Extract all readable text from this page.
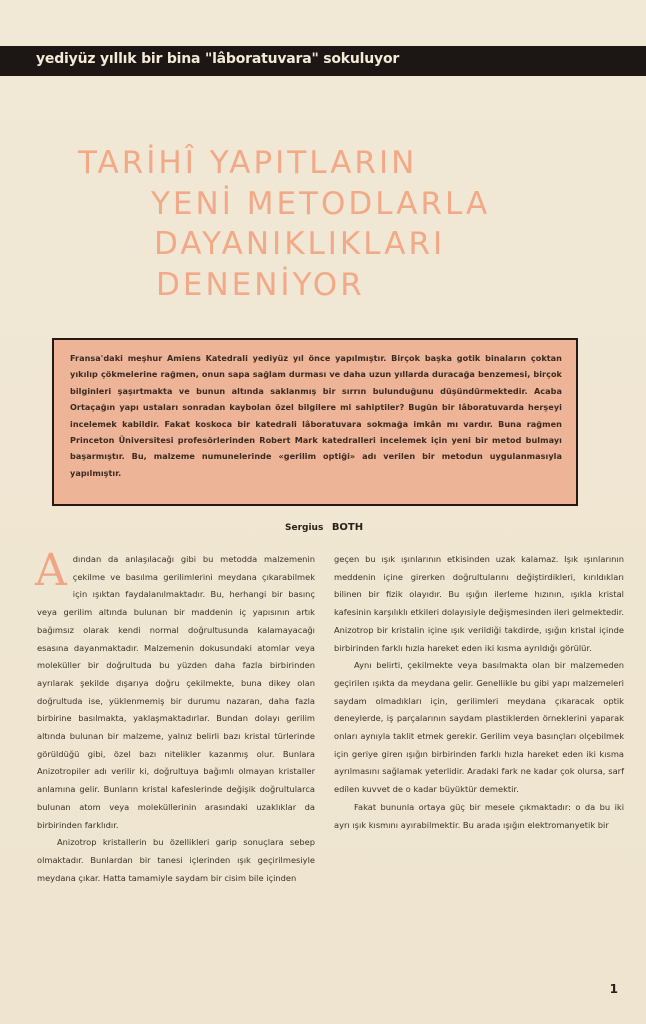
yediyüz yıllık bir bina "lâboratuvara" sokuluyor
TARİHÎ YAPITLARIN
YENİ METODLARLA
DAYANIKLIKLARI
DENENİYOR

Fransa'daki meşhur Amiens Katedrali yediyüz yıl önce yapılmıştır. Birçok başka gotik binaların çoktan yıkılıp çökmelerine rağmen, onun sapa sağlam durması ve daha uzun yıllarda duracağa benzemesi, birçok bilginleri şaşırtmakta ve bunun altında saklanmış bir sırrın bulunduğunu düşündürmektedir. Acaba Ortaçağın yapı ustaları sonradan kaybolan özel bilgilere mi sahiptiler? Bugün bir lâboratuvarda herşeyi incelemek kabildir. Fakat koskoca bir katedrali lâboratuvara sokmağa imkân mı vardır. Buna rağmen Princeton Üniversitesi profesörlerinden Robert Mark katedralleri incelemek için yeni bir metod bulmayı başarmıştır. Bu, malzeme numunelerinde «gerilim optiği» adı verilen bir metodun uygulanmasıyla yapılmıştır.

Sergius BOTH

Adından da anlaşılacağı gibi bu metodda malzemenin çekilme ve basılma gerilimlerini meydana çıkarabilmek için ışıktan faydalanılmaktadır. Bu, herhangi bir basınç veya gerilim altında bulunan bir maddenin iç yapısının artık bağımsız olarak kendi normal doğrultusunda kalamayacağı esasına dayanmaktadır. Malzemenin dokusundaki atomlar veya moleküller bir doğrultuda bu yüzden daha fazla birbirinden ayrılarak şekilde dışarıya doğru çekilmekte, buna dikey olan doğrultuda ise, yüklenmemiş bir durumu nazaran, daha fazla birbirine basılmakta, yaklaşmaktadırlar. Bundan dolayı gerilim altında bulunan bir malzeme, yalnız belirli bazı kristal türlerinde görüldüğü gibi, özel bazı nitelikler kazanmış olur. Bunlara Anizotropiler adı verilir ki, doğrultuya bağımlı olmayan kristaller anlamına gelir. Bunların kristal kafeslerinde değişik doğrultularca bulunan atom veya moleküllerinin arasındaki uzaklıklar da birbirinden farklıdır.

Anizotrop kristallerin bu özellikleri garip sonuçlara sebep olmaktadır. Bunlardan bir tanesi içlerinden ışık geçirilmesiyle meydana çıkar. Hatta tamamiyle saydam bir cisim bile içinden

geçen bu ışık ışınlarının etkisinden uzak kalamaz. Işık ışınlarının meddenin içine girerken doğrultularını değiştirdikleri, kırıldıkları bilinen bir fizik olayıdır. Bu ışığın ilerleme hızının, ışıkla kristal kafesinin karşılıklı etkileri dolayısiyle değişmesinden ileri gelmektedir. Anizotrop bir kristalin içine ışık verildiği takdirde, ışığın kristal içinde birbirinden farklı hızla hareket eden iki kısma ayrıldığı görülür.

Aynı belirti, çekilmekte veya basılmakta olan bir malzemeden geçirilen ışıkta da meydana gelir. Genellikle bu gibi yapı malzemeleri saydam olmadıkları için, gerilimleri meydana çıkaracak optik deneylerde, iş parçalarının saydam plastiklerden örneklerini yaparak onları aynıyla taklit etmek gerekir. Gerilim veya basınçları olçebilmek için geriye giren ışığın birbirinden farklı hızla hareket eden iki kısma ayrılmasını sağlamak yeterlidir. Aradaki fark ne kadar çok olursa, sarf edilen kuvvet de o kadar büyüktür demektir.

Fakat bununla ortaya güç bir mesele çıkmaktadır: o da bu iki ayrı ışık kısmını ayırabilmektir. Bu arada ışığın elektromanyetik bir

1
